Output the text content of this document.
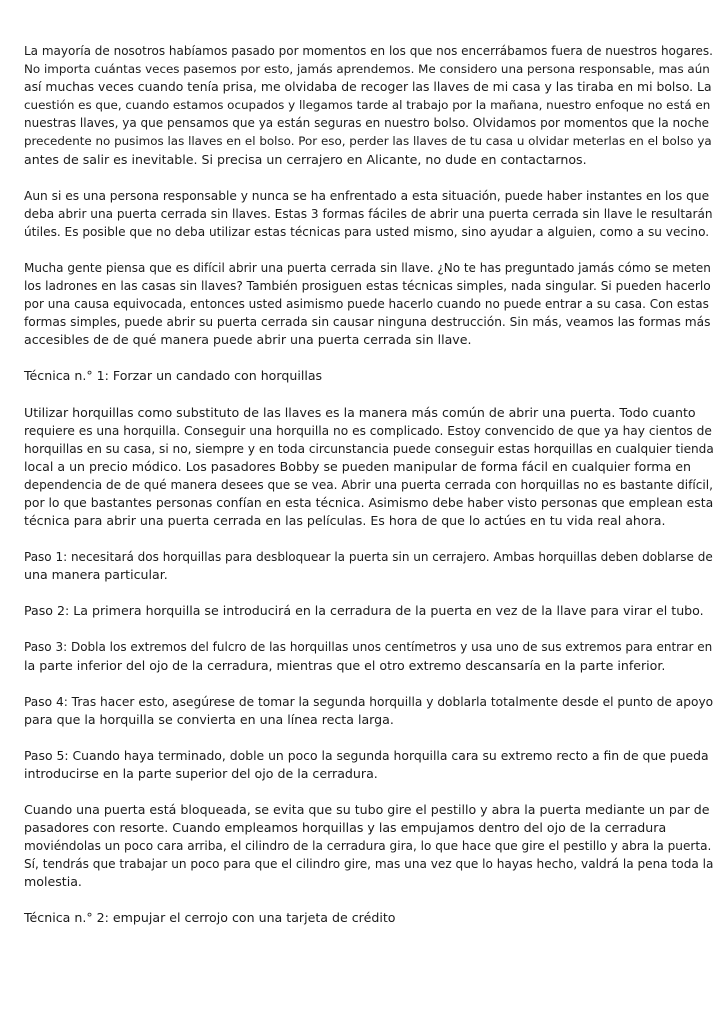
La mayoría de nosotros habíamos pasado por momentos en los que nos encerrábamos fuera de nuestros hogares.
No importa cuántas veces pasemos por esto, jamás aprendemos. Me considero una persona responsable, mas aún
así muchas veces cuando tenía prisa, me olvidaba de recoger las llaves de mi casa y las tiraba en mi bolso. La
cuestión es que, cuando estamos ocupados y llegamos tarde al trabajo por la mañana, nuestro enfoque no está en
nuestras llaves, ya que pensamos que ya están seguras en nuestro bolso. Olvidamos por momentos que la noche
precedente no pusimos las llaves en el bolso. Por eso, perder las llaves de tu casa u olvidar meterlas en el bolso ya
antes de salir es inevitable. Si precisa un cerrajero en Alicante, no dude en contactarnos.

Aun si es una persona responsable y nunca se ha enfrentado a esta situación, puede haber instantes en los que
deba abrir una puerta cerrada sin llaves. Estas 3 formas fáciles de abrir una puerta cerrada sin llave le resultarán
útiles. Es posible que no deba utilizar estas técnicas para usted mismo, sino ayudar a alguien, como a su vecino.

Mucha gente piensa que es difícil abrir una puerta cerrada sin llave. ¿No te has preguntado jamás cómo se meten
los ladrones en las casas sin llaves? También prosiguen estas técnicas simples, nada singular. Si pueden hacerlo
por una causa equivocada, entonces usted asimismo puede hacerlo cuando no puede entrar a su casa. Con estas
formas simples, puede abrir su puerta cerrada sin causar ninguna destrucción. Sin más, veamos las formas más
accesibles de de qué manera puede abrir una puerta cerrada sin llave.

Técnica n.° 1: Forzar un candado con horquillas

Utilizar horquillas como substituto de las llaves es la manera más común de abrir una puerta. Todo cuanto
requiere es una horquilla. Conseguir una horquilla no es complicado. Estoy convencido de que ya hay cientos de
horquillas en su casa, si no, siempre y en toda circunstancia puede conseguir estas horquillas en cualquier tienda
local a un precio módico. Los pasadores Bobby se pueden manipular de forma fácil en cualquier forma en
dependencia de de qué manera desees que se vea. Abrir una puerta cerrada con horquillas no es bastante difícil,
por lo que bastantes personas confían en esta técnica. Asimismo debe haber visto personas que emplean esta
técnica para abrir una puerta cerrada en las películas. Es hora de que lo actúes en tu vida real ahora.

Paso 1: necesitará dos horquillas para desbloquear la puerta sin un cerrajero. Ambas horquillas deben doblarse de
una manera particular.

Paso 2: La primera horquilla se introducirá en la cerradura de la puerta en vez de la llave para virar el tubo.

Paso 3: Dobla los extremos del fulcro de las horquillas unos centímetros y usa uno de sus extremos para entrar en
la parte inferior del ojo de la cerradura, mientras que el otro extremo descansaría en la parte inferior.

Paso 4: Tras hacer esto, asegúrese de tomar la segunda horquilla y doblarla totalmente desde el punto de apoyo
para que la horquilla se convierta en una línea recta larga.

Paso 5: Cuando haya terminado, doble un poco la segunda horquilla cara su extremo recto a fin de que pueda
introducirse en la parte superior del ojo de la cerradura.

Cuando una puerta está bloqueada, se evita que su tubo gire el pestillo y abra la puerta mediante un par de
pasadores con resorte. Cuando empleamos horquillas y las empujamos dentro del ojo de la cerradura
moviéndolas un poco cara arriba, el cilindro de la cerradura gira, lo que hace que gire el pestillo y abra la puerta.
Sí, tendrás que trabajar un poco para que el cilindro gire, mas una vez que lo hayas hecho, valdrá la pena toda la
molestia.

Técnica n.° 2: empujar el cerrojo con una tarjeta de crédito
